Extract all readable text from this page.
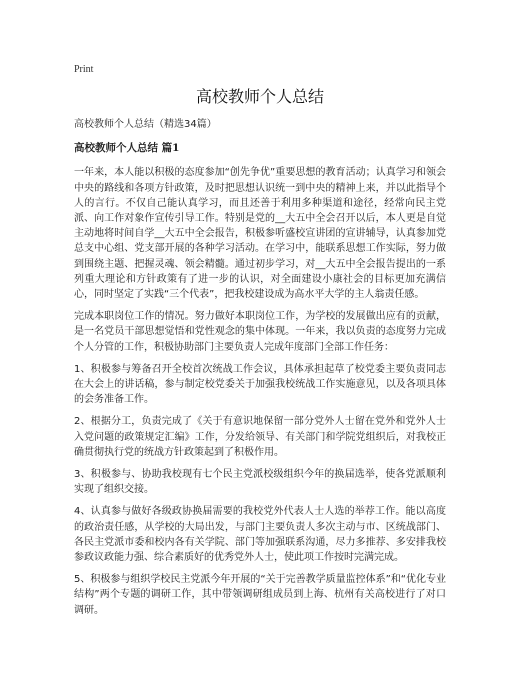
Print
高校教师个人总结

高校教师个人总结（精选34篇）

高校教师个人总结 篇1

一年来，本人能以积极的态度参加“创先争优”重要思想的教育活动；认真学习和领会中央的路线和各项方针政策，及时把思想认识统一到中央的精神上来，并以此指导个人的言行。不仅自己能认真学习，而且还善于利用多种渠道和途径，经常向民主党派、向工作对象作宣传引导工作。特别是党的__大五中全会召开以后，本人更是自觉主动地将时间自学__大五中全会报告，积极参听盛校宣讲团的宣讲辅导，认真参加党总支中心组、党支部开展的各种学习活动。在学习中，能联系思想工作实际，努力做到围绕主题、把握灵魂、领会精髓。通过初步学习，对__大五中全会报告提出的一系列重大理论和方针政策有了进一步的认识，对全面建设小康社会的目标更加充满信心，同时坚定了实践“三个代表”，把我校建设成为高水平大学的主人翁责任感。

完成本职岗位工作的情况。努力做好本职岗位工作，为学校的发展做出应有的贡献，是一名党员干部思想觉悟和党性观念的集中体现。一年来，我以负责的态度努力完成个人分管的工作，积极协助部门主要负责人完成年度部门全部工作任务：

1、积极参与筹备召开全校首次统战工作会议，具体承担起草了校党委主要负责同志在大会上的讲话稿，参与制定校党委关于加强我校统战工作实施意见，以及各项具体的会务准备工作。

2、根据分工，负责完成了《关于有意识地保留一部分党外人士留在党外和党外人士入党问题的政策规定汇编》工作，分发给领导、有关部门和学院党组织后，对我校正确贯彻执行党的统战方针政策起到了积极作用。

3、积极参与、协助我校现有七个民主党派校级组织今年的换届选举，使各党派顺利实现了组织交接。

4、认真参与做好各级政协换届需要的我校党外代表人士人选的举荐工作。能以高度的政治责任感，从学校的大局出发，与部门主要负责人多次主动与市、区统战部门、各民主党派市委和校内各有关学院、部门等加强联系沟通，尽力多推荐、多安排我校参政议政能力强、综合素质好的优秀党外人士，使此项工作按时完满完成。

5、积极参与组织学校民主党派今年开展的“关于完善教学质量监控体系”和“优化专业结构”两个专题的调研工作，其中带领调研组成员到上海、杭州有关高校进行了对口调研。
